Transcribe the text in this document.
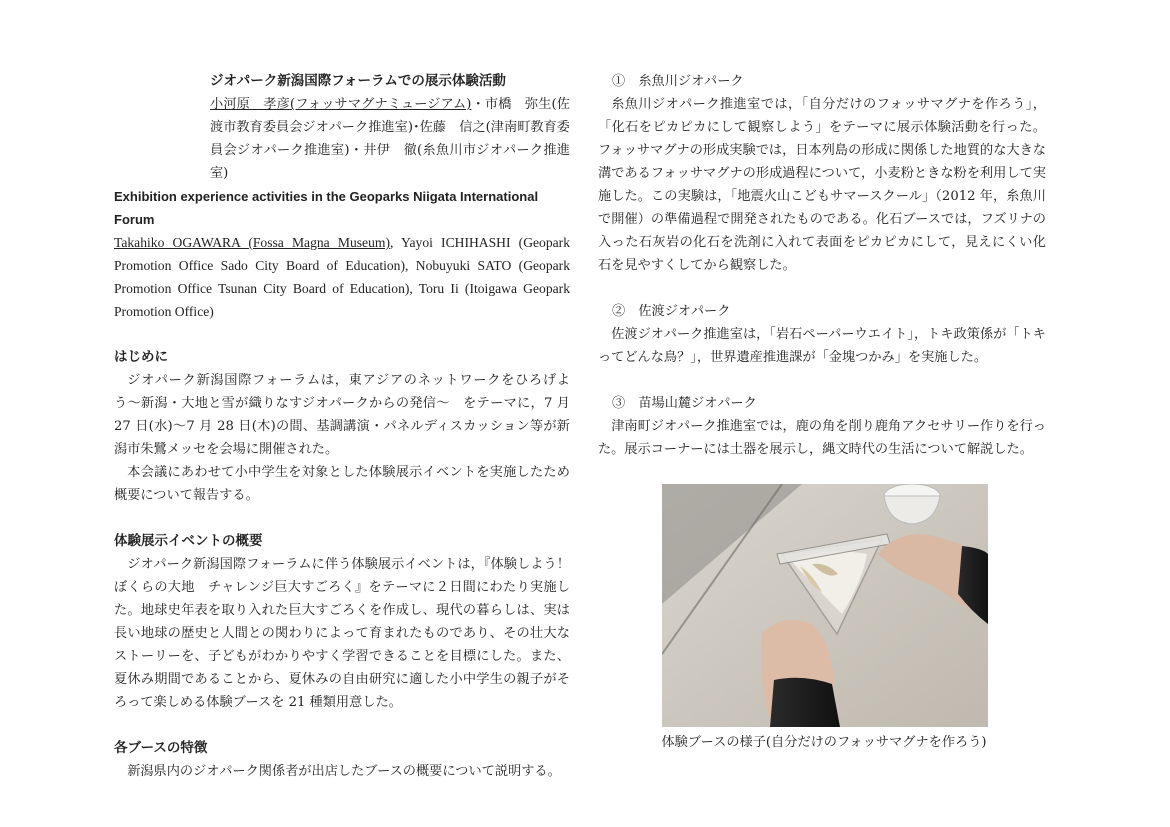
ジオパーク新潟国際フォーラムでの展示体験活動
小河原　孝彦(フォッサマグナミュージアム)・市橋　弥生(佐渡市教育委員会ジオパーク推進室)･佐藤　信之(津南町教育委員会ジオパーク推進室)・井伊　徹(糸魚川市ジオパーク推進室)
Exhibition experience activities in the Geoparks Niigata International Forum
Takahiko OGAWARA (Fossa Magna Museum), Yayoi ICHIHASHI (Geopark Promotion Office Sado City Board of Education), Nobuyuki SATO (Geopark Promotion Office Tsunan City Board of Education), Toru Ii (Itoigawa Geopark Promotion Office)
はじめに

ジオパーク新潟国際フォーラムは，東アジアのネットワークをひろげよう〜新潟・大地と雪が織りなすジオパークからの発信〜　をテーマに，7 月 27 日(水)〜7 月 28 日(木)の間、基調講演・パネルディスカッション等が新潟市朱鷺メッセを会場に開催された。

本会議にあわせて小中学生を対象とした体験展示イベントを実施したため概要について報告する。

体験展示イベントの概要

ジオパーク新潟国際フォーラムに伴う体験展示イベントは，『体験しよう！ぼくらの大地　チャレンジ巨大すごろく』をテーマに２日間にわたり実施した。地球史年表を取り入れた巨大すごろくを作成し、現代の暮らしは、実は長い地球の歴史と人間との関わりによって育まれたものであり、その壮大なストーリーを、子どもがわかりやすく学習できることを目標にした。また、夏休み期間であることから、夏休みの自由研究に適した小中学生の親子がそろって楽しめる体験ブースを 21 種類用意した。

各ブースの特徴

新潟県内のジオパーク関係者が出店したブースの概要について説明する。

①　糸魚川ジオパーク

糸魚川ジオパーク推進室では，「自分だけのフォッサマグナを作ろう」，「化石をピカピカにして観察しよう」をテーマに展示体験活動を行った。フォッサマグナの形成実験では，日本列島の形成に関係した地質的な大きな溝であるフォッサマグナの形成過程について，小麦粉ときな粉を利用して実施した。この実験は，「地震火山こどもサマースクール」（2012 年，糸魚川で開催）の準備過程で開発されたものである。化石ブースでは，フズリナの入った石灰岩の化石を洗剤に入れて表面をピカピカにして，見えにくい化石を見やすくしてから観察した。

②　佐渡ジオパーク

佐渡ジオパーク推進室は，「岩石ペーパーウエイト」，トキ政策係が「トキってどんな鳥？」，世界遺産推進課が「金塊つかみ」を実施した。

③　苗場山麓ジオパーク

津南町ジオパーク推進室では，鹿の角を削り鹿角アクセサリー作りを行った。展示コーナーには土器を展示し，縄文時代の生活について解説した。

体験ブースの様子(自分だけのフォッサマグナを作ろう)
